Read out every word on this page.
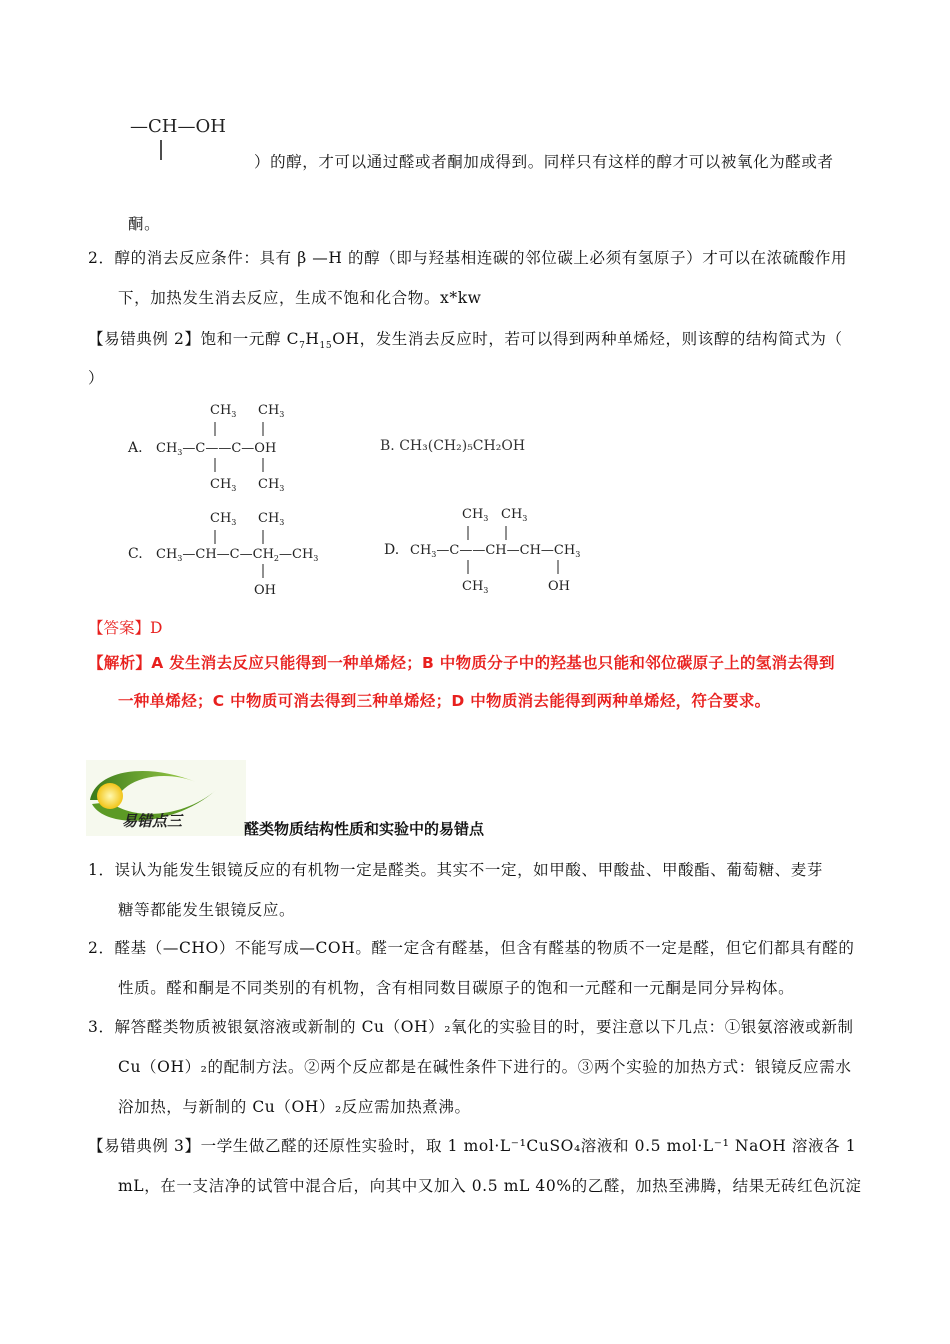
—CH—OH
）的醇，才可以通过醛或者酮加成得到。同样只有这样的醇才可以被氧化为醛或者
酮。
2．醇的消去反应条件：具有 β —H 的醇（即与羟基相连碳的邻位碳上必须有氢原子）才可以在浓硫酸作用
下，加热发生消去反应，生成不饱和化合物。x*kw
【易错典例 2】饱和一元醇 $C_7H_{15}OH$，发生消去反应时，若可以得到两种单烯烃，则该醇的结构简式为（
）
A.
$CH_3$ $CH_3$
$CH_3—C——C—OH$
$CH_3$ $CH_3$
B. CH₃(CH₂)₅CH₂OH
C.
$CH_3$ $CH_3$
$CH_3—CH—C—CH_2—CH_3$
OH
D.
$CH_3$ $CH_3$
$CH_3—C——CH—CH—CH_3$
$CH_3$	OH
【答案】D
【解析】A 发生消去反应只能得到一种单烯烃；B 中物质分子中的羟基也只能和邻位碳原子上的氢消去得到
一种单烯烃；C 中物质可消去得到三种单烯烃；D 中物质消去能得到两种单烯烃，符合要求。
易错点三	醛类物质结构性质和实验中的易错点
1．误认为能发生银镜反应的有机物一定是醛类。其实不一定，如甲酸、甲酸盐、甲酸酯、葡萄糖、麦芽
糖等都能发生银镜反应。
2．醛基（—CHO）不能写成—COH。醛一定含有醛基，但含有醛基的物质不一定是醛，但它们都具有醛的
性质。醛和酮是不同类别的有机物，含有相同数目碳原子的饱和一元醛和一元酮是同分异构体。
3．解答醛类物质被银氨溶液或新制的 Cu（OH）₂氧化的实验目的时，要注意以下几点：①银氨溶液或新制
Cu（OH）₂的配制方法。②两个反应都是在碱性条件下进行的。③两个实验的加热方式：银镜反应需水
浴加热，与新制的 Cu（OH）₂反应需加热煮沸。
【易错典例 3】一学生做乙醛的还原性实验时，取 1 mol·L⁻¹CuSO₄溶液和 0.5 mol·L⁻¹ NaOH 溶液各 1
mL，在一支洁净的试管中混合后，向其中又加入 0.5 mL 40%的乙醛，加热至沸腾，结果无砖红色沉淀
